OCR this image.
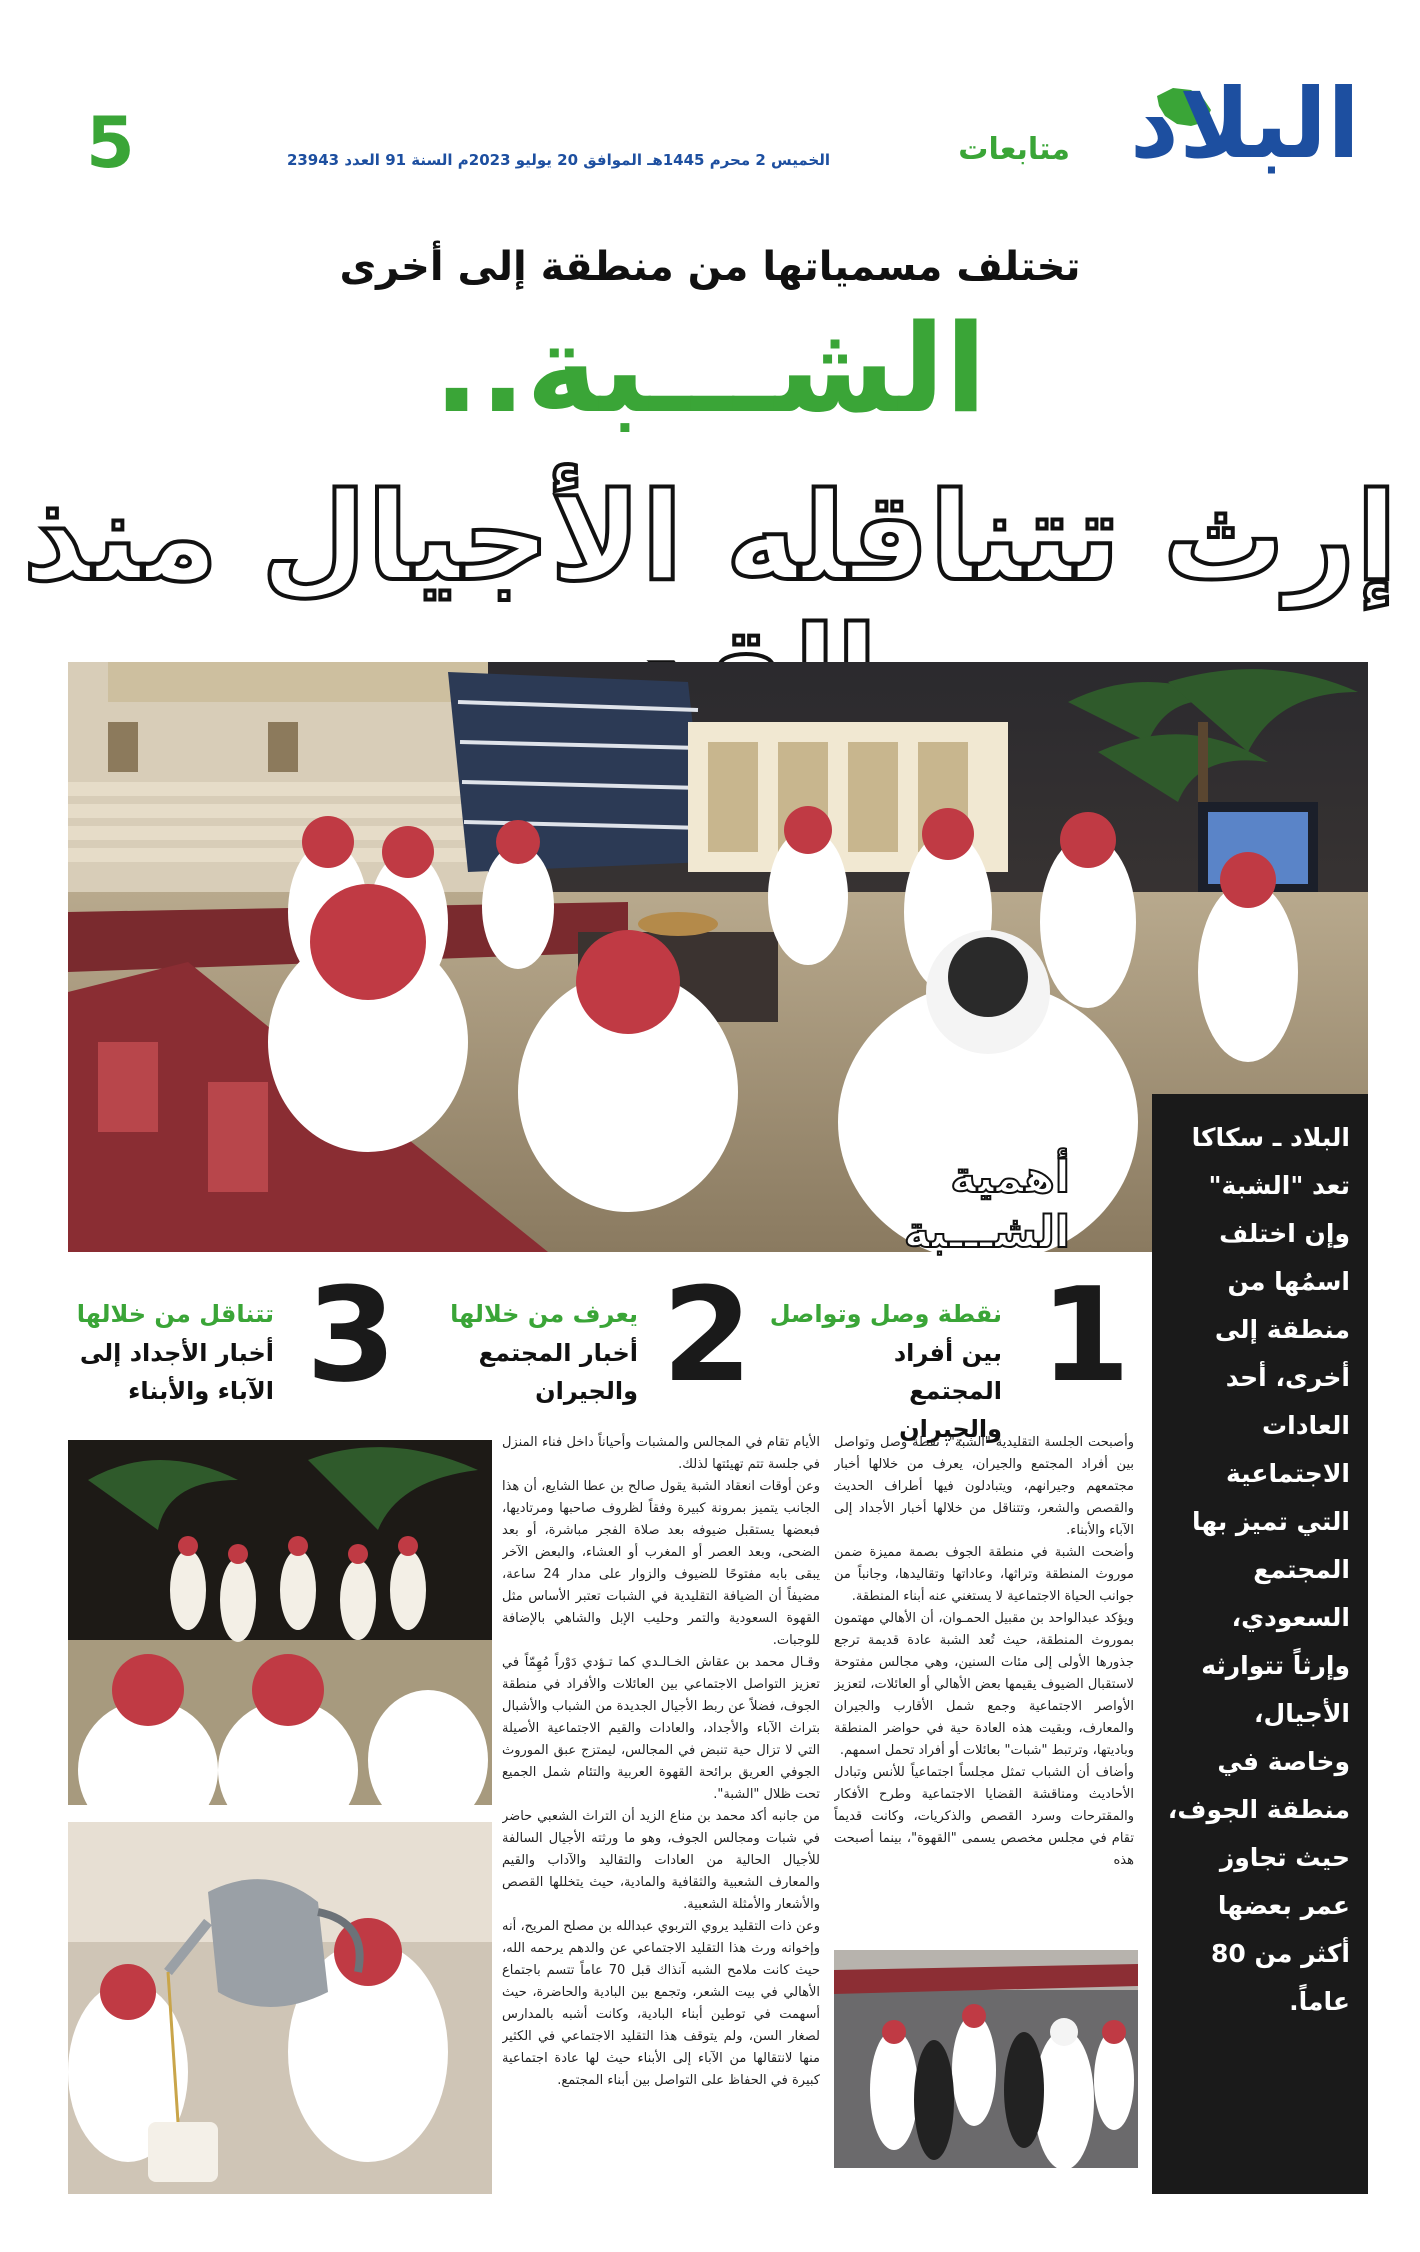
البلاد
متابعات
الخميس 2 محرم 1445هـ الموافق 20 يوليو 2023م السنة 91 العدد 23943
5
تختلف مسمياتها من منطقة إلى أخرى
الشـــبة..
إرث تتناقله الأجيال منذ
أهمية
الشـــبة

البلاد ـ سكاكا تعد "الشبة" وإن اختلف اسمُها من منطقة إلى أخرى، أحد العادات الاجتماعية التي تميز بها المجتمع السعودي، وإرثاً تتوارثه الأجيال، وخاصة في منطقة الجوف، حيث تجاوز عمر بعضها أكثر من 80 عاماً.

1
نقطة وصل وتواصل
بين أفراد المجتمع والجيران
2
يعرف من خلالها
أخبار المجتمع والجيران
3
تتناقل من خلالها
أخبار الأجداد إلى الآباء والأبناء

وأصبحت الجلسة التقليدية "الشبة"، نقطة وصل وتواصل بين أفراد المجتمع والجيران، يعرف من خلالها أخبار مجتمعهم وجيرانهم، ويتبادلون فيها أطراف الحديث والقصص والشعر، وتتناقل من خلالها أخبار الأجداد إلى الآباء والأبناء.

وأضحت الشبة في منطقة الجوف بصمة مميزة ضمن موروث المنطقة وتراثها، وعاداتها وتقاليدها، وجانباً من جوانب الحياة الاجتماعية لا يستغني عنه أبناء المنطقة.

ويؤكد عبدالواحد بن مقبيل الحمـوان، أن الأهالي مهتمون بموروث المنطقة، حيث تُعد الشبة عادة قديمة ترجع جذورها الأولى إلى مئات السنين، وهي مجالس مفتوحة لاستقبال الضيوف يقيمها بعض الأهالي أو العائلات، لتعزيز الأواصر الاجتماعية وجمع شمل الأقارب والجيران والمعارف، وبقيت هذه العادة حية في حواضر المنطقة وباديتها، وترتبط "شبات" بعائلات أو أفراد تحمل اسمهم.

وأضاف أن الشباب تمثل مجلساً اجتماعياً للأنس وتبادل الأحاديث ومناقشة القضايا الاجتماعية وطرح الأفكار والمقترحات وسرد القصص والذكريات، وكانت قديماً تقام في مجلس مخصص يسمى "القهوة"، بينما أصبحت هذه

الأيام تقام في المجالس والمشبات وأحياناً داخل فناء المنزل في جلسة تتم تهيئتها لذلك.

وعن أوقات انعقاد الشبة يقول صالح بن عطا الشايع، أن هذا الجانب يتميز بمرونة كبيرة وفقاً لظروف صاحبها ومرتاديها، فبعضها يستقبل ضيوفه بعد صلاة الفجر مباشرة، أو بعد الضحى، وبعد العصر أو المغرب أو العشاء، والبعض الآخر يبقى بابه مفتوحًا للضيوف والزوار على مدار 24 ساعة، مضيفاً أن الضيافة التقليدية في الشبات تعتبر الأساس مثل القهوة السعودية والتمر وحليب الإبل والشاهي بالإضافة للوجبات.

وقـال محمد بن عقاش الخـالـدي كما تـؤدي دَوْراً مُهِمّاً في تعزيز التواصل الاجتماعي بين العائلات والأفراد في منطقة الجوف، فضلاً عن ربط الأجيال الجديدة من الشباب والأشبال بتراث الآباء والأجداد، والعادات والقيم الاجتماعية الأصيلة التي لا تزال حية تنبض في المجالس، ليمتزج عبق الموروث الجوفي العريق برائحة القهوة العربية والتئام شمل الجميع تحت ظلال "الشبة".

من جانبه أكد محمد بن مناع الزيد أن التراث الشعبي حاضر في شبات ومجالس الجوف، وهو ما ورثته الأجيال السالفة للأجيال الحالية من العادات والتقاليد والآداب والقيم والمعارف الشعبية والثقافية والمادية، حيث يتخللها القصص والأشعار والأمثلة الشعبية.

وعن ذات التقليد يروي التربوي عبدالله بن مصلح المريح، أنه وإخوانه ورث هذا التقليد الاجتماعي عن والدهم يرحمه الله، حيث كانت ملامح الشبه آنذاك قبل 70 عاماً تتسم باجتماع الأهالي في بيت الشعر، وتجمع بين البادية والحاضرة، حيث أسهمت في توطين أبناء البادية، وكانت أشبه بالمدارس لصغار السن، ولم يتوقف هذا التقليد الاجتماعي في الكثير منها لانتقالها من الآباء إلى الأبناء حيث لها عادة اجتماعية كبيرة في الحفاظ على التواصل بين أبناء المجتمع.
